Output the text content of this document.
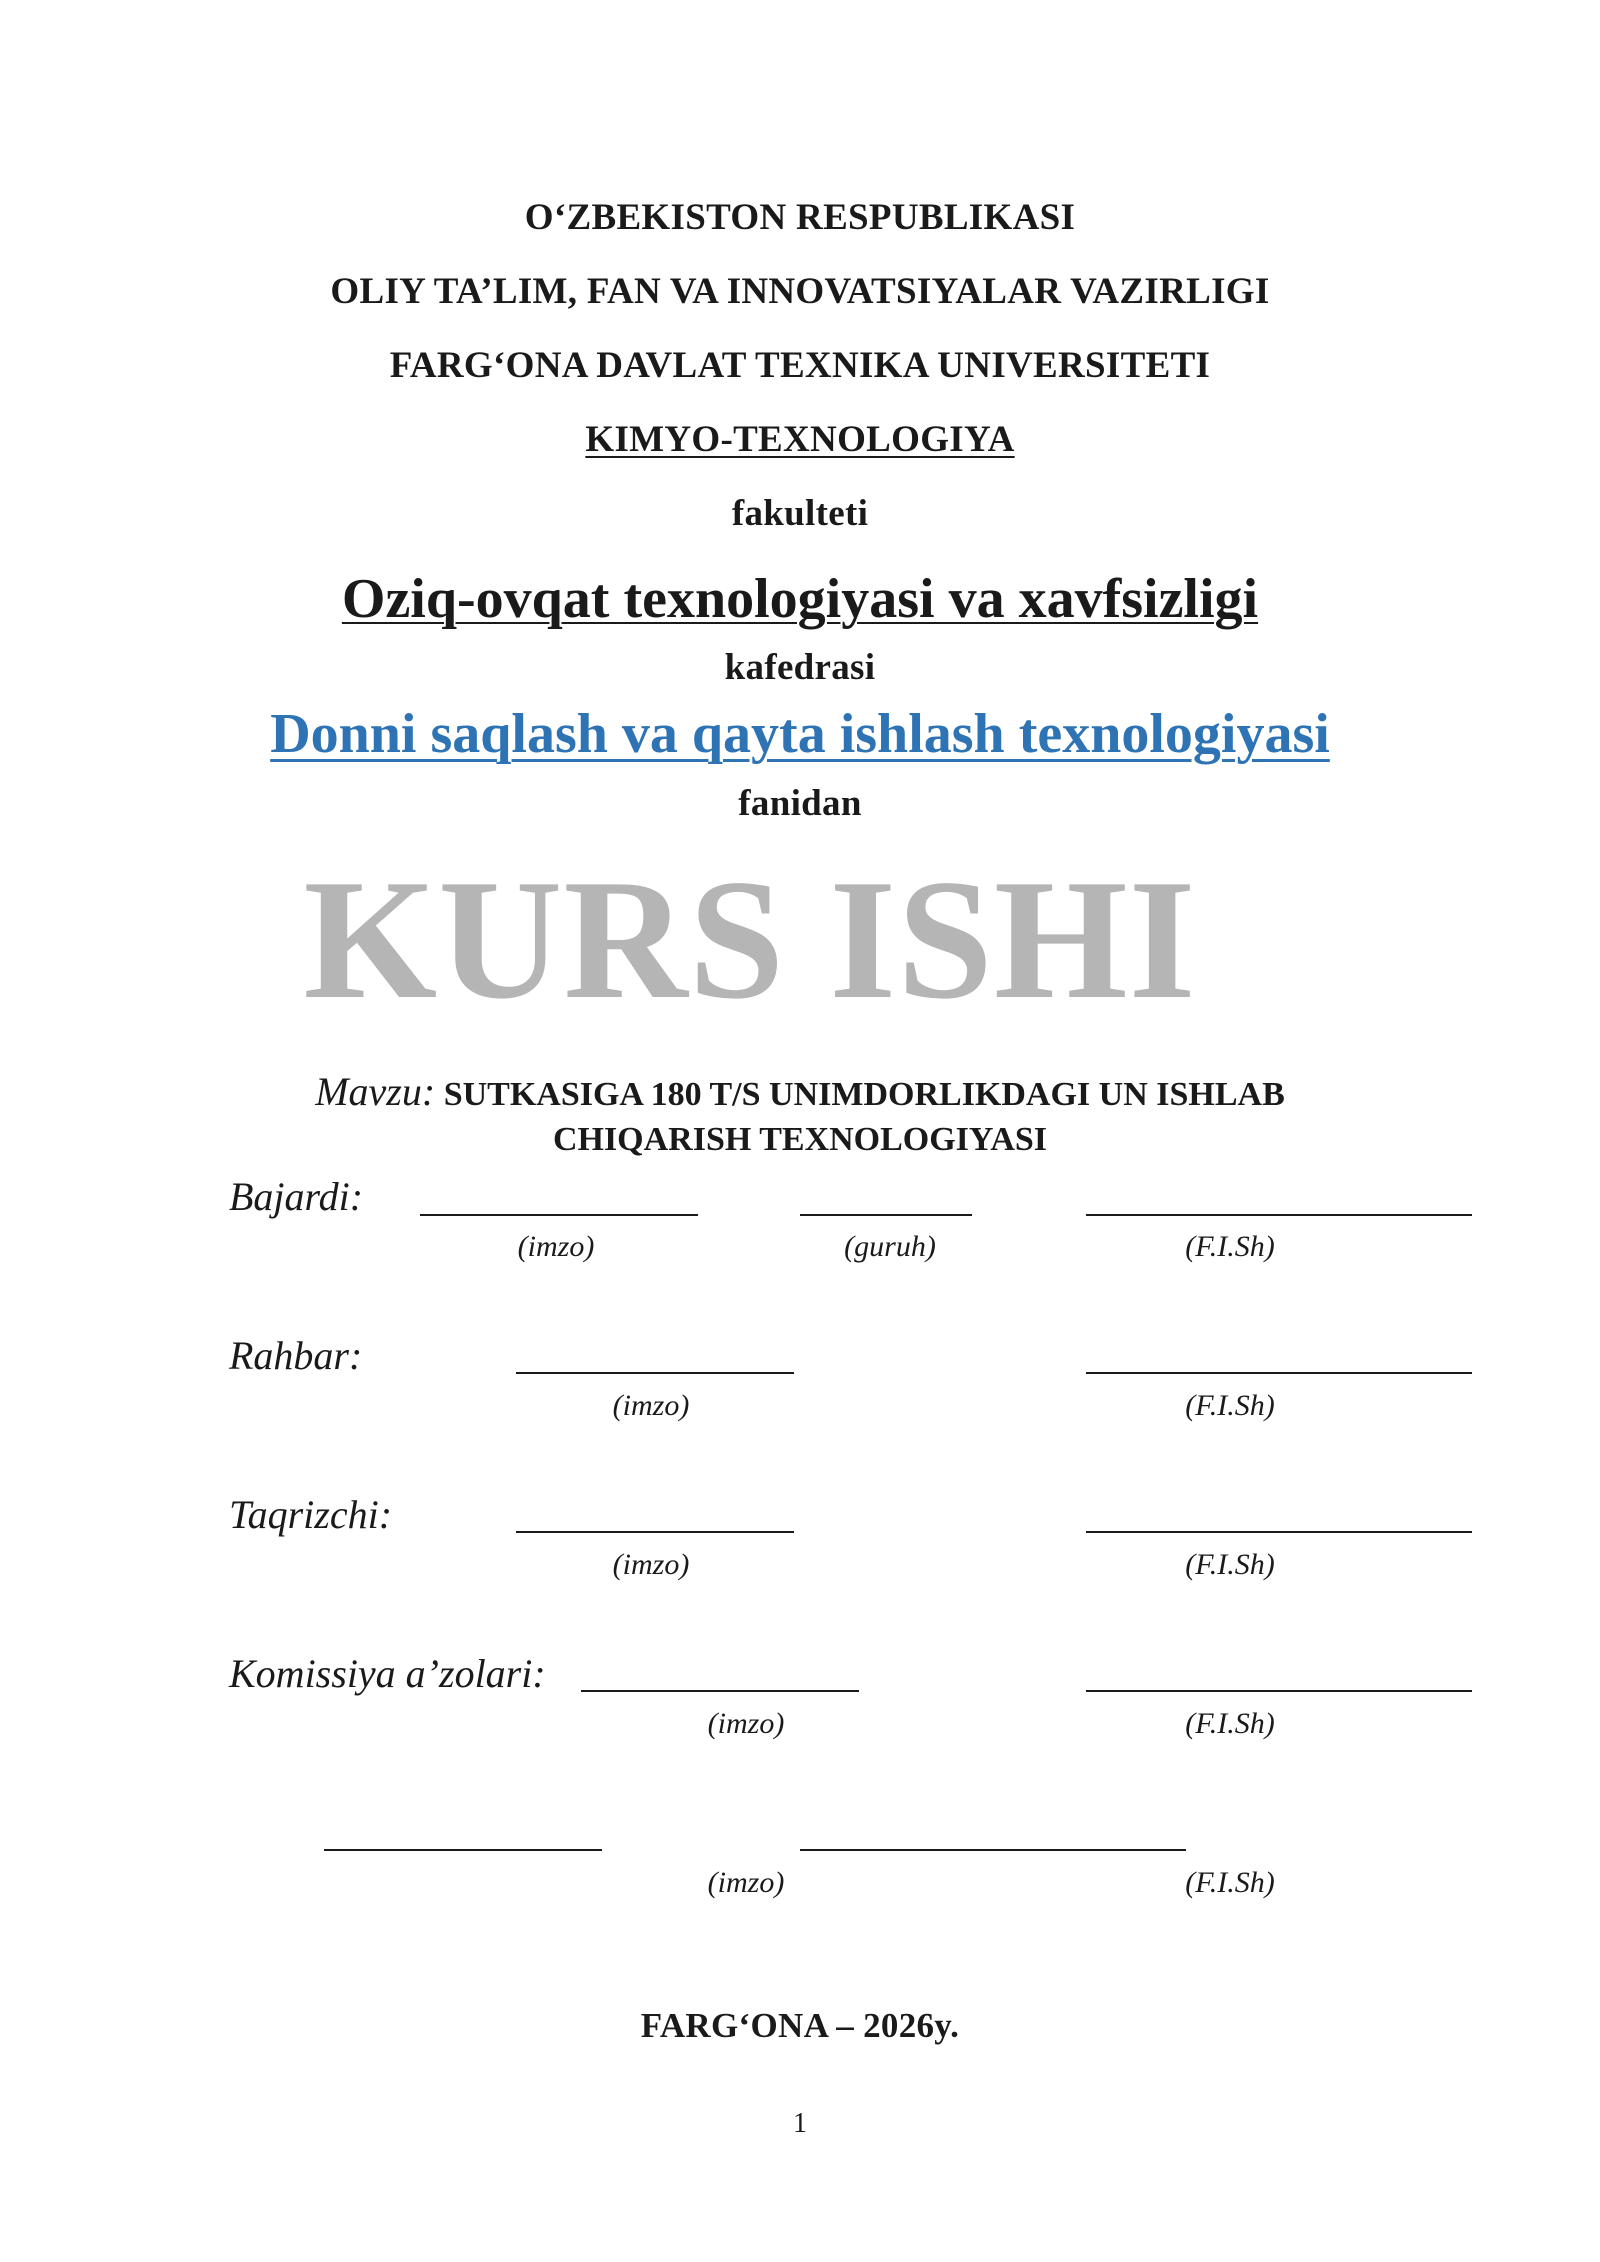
O‘ZBEKISTON RESPUBLIKASI
OLIY TA’LIM, FAN VA INNOVATSIYALAR VAZIRLIGI
FARG‘ONA DAVLAT TEXNIKA UNIVERSITETI
KIMYO-TEXNOLOGIYA
fakulteti
Oziq-ovqat texnologiyasi va xavfsizligi
kafedrasi
Donni saqlash va qayta ishlash texnologiyasi
fanidan
KURS ISHI
Mavzu: SUTKASIGA 180 T/S UNIMDORLIKDAGI UN ISHLAB
CHIQARISH TEXNOLOGIYASI
Bajardi:
(imzo)	(guruh)	(F.I.Sh)
Rahbar:
(imzo)	(F.I.Sh)
Taqrizchi:
(imzo)	(F.I.Sh)
Komissiya a’zolari:
(imzo)	(F.I.Sh)
(imzo)	(F.I.Sh)
FARG‘ONA – 2026y.
1
